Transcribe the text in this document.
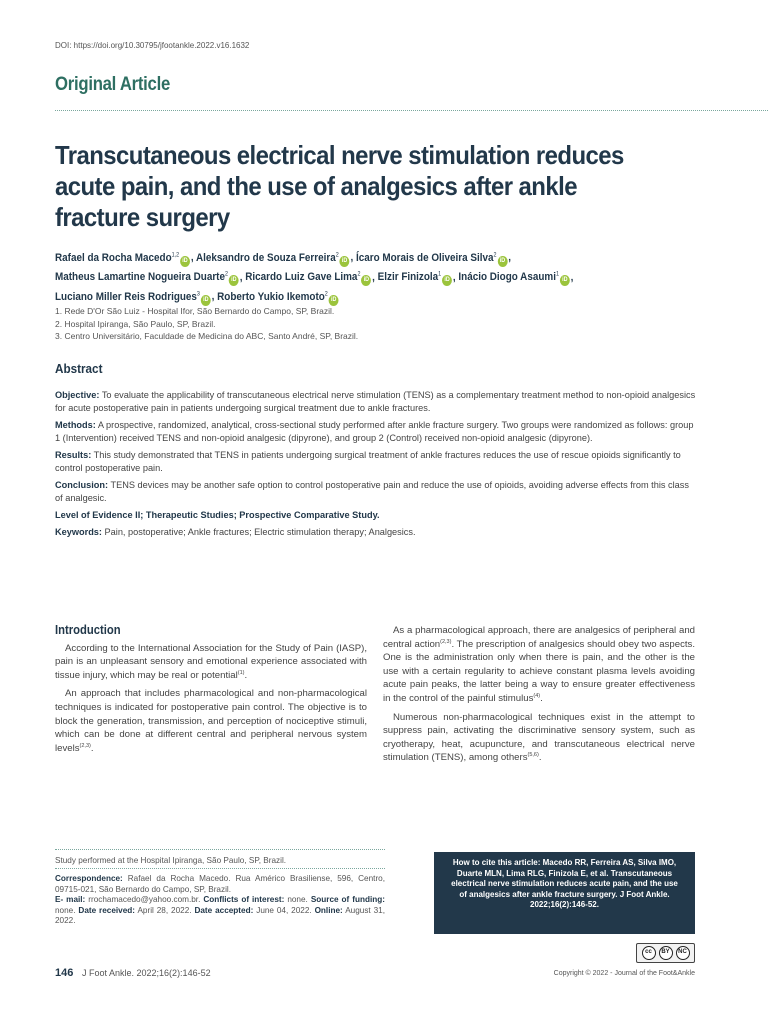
DOI: https://doi.org/10.30795/jfootankle.2022.v16.1632
Original Article
Transcutaneous electrical nerve stimulation reduces acute pain, and the use of analgesics after ankle fracture surgery
Rafael da Rocha Macedo$^{1,2}$iD , Aleksandro de Souza Ferreira$^2$iD , Ícaro Morais de Oliveira Silva$^2$iD ,
Matheus Lamartine Nogueira Duarte$^2$iD , Ricardo Luiz Gave Lima$^2$iD , Elzir Finizola$^1$iD , Inácio Diogo Asaumi$^1$iD ,
Luciano Miller Reis Rodrigues$^3$iD , Roberto Yukio Ikemoto$^2$iD
1. Rede D'Or São Luiz - Hospital Ifor, São Bernardo do Campo, SP, Brazil.
2. Hospital Ipiranga, São Paulo, SP, Brazil.
3. Centro Universitário, Faculdade de Medicina do ABC, Santo André, SP, Brazil.
Abstract

Objective: To evaluate the applicability of transcutaneous electrical nerve stimulation (TENS) as a complementary treatment method to non-opioid analgesics for acute postoperative pain in patients undergoing surgical treatment due to ankle fractures.

Methods: A prospective, randomized, analytical, cross-sectional study performed after ankle fracture surgery. Two groups were randomized as follows: group 1 (Intervention) received TENS and non-opioid analgesic (dipyrone), and group 2 (Control) received non-opioid analgesic (dipyrone).

Results: This study demonstrated that TENS in patients undergoing surgical treatment of ankle fractures reduces the use of rescue opioids significantly to control postoperative pain.

Conclusion: TENS devices may be another safe option to control postoperative pain and reduce the use of opioids, avoiding adverse effects from this class of analgesic.

Level of Evidence II; Therapeutic Studies; Prospective Comparative Study.

Keywords: Pain, postoperative; Ankle fractures; Electric stimulation therapy; Analgesics.

Introduction

According to the International Association for the Study of Pain (IASP), pain is an unpleasant sensory and emotional experience associated with tissue injury, which may be real or potential$^{(1)}$.

An approach that includes pharmacological and non-pharmacological techniques is indicated for postoperative pain control. The objective is to block the generation, transmission, and perception of nociceptive stimuli, which can be done at different central and peripheral nervous system levels$^{(2,3)}$.

As a pharmacological approach, there are analgesics of peripheral and central action$^{(2,3)}$. The prescription of analgesics should obey two aspects. One is the administration only when there is pain, and the other is the use with a certain regularity to achieve constant plasma levels avoiding acute pain peaks, the latter being a way to ensure greater effectiveness in the control of the painful stimulus$^{(4)}$.

Numerous non-pharmacological techniques exist in the attempt to suppress pain, activating the discriminative sensory system, such as cryotherapy, heat, acupuncture, and transcutaneous electrical nerve stimulation (TENS), among others$^{(5,6)}$.

Study performed at the Hospital Ipiranga, São Paulo, SP, Brazil.
Correspondence: Rafael da Rocha Macedo. Rua Américo Brasiliense, 596, Centro, 09715-021, São Bernardo do Campo, SP, Brazil.
E- mail: rrochamacedo@yahoo.com.br. Conflicts of interest: none. Source of funding: none. Date received: April 28, 2022. Date accepted: June 04, 2022. Online: August 31, 2022.
How to cite this article: Macedo RR, Ferreira AS, Silva IMO, Duarte MLN, Lima RLG, Finizola E, et al. Transcutaneous electrical nerve stimulation reduces acute pain, and the use of analgesics after ankle fracture surgery. J Foot Ankle. 2022;16(2):146-52.
cc	BY	NC
146 J Foot Ankle. 2022;16(2):146-52	Copyright © 2022 - Journal of the Foot&Ankle
